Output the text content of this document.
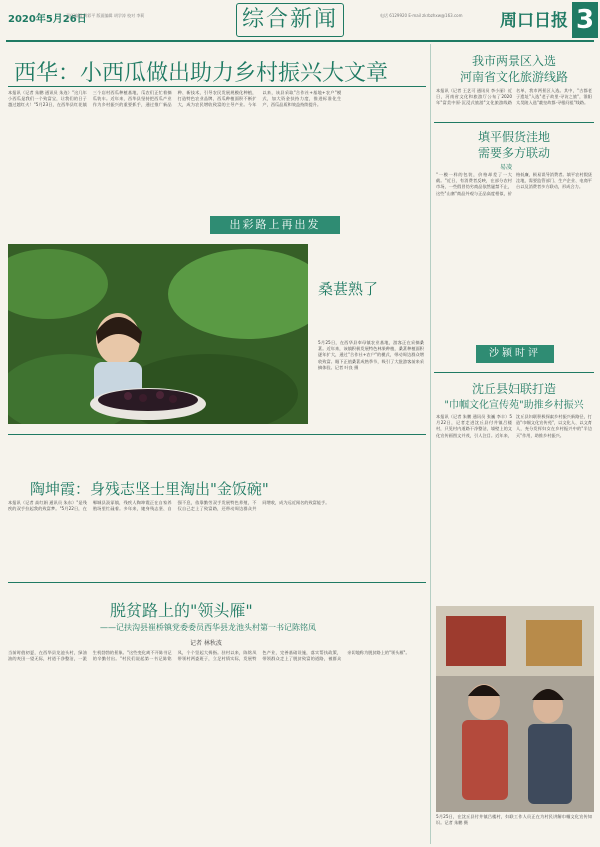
2020年5月26日
责任编辑 周彩平 版面编辑 胡学涛 校对 李莉	综合新闻	电话 6129920 E-mail zkrbzhxw@163.com	周口日报 3
西华：小西瓜做出助力乡村振兴大文章
本报讯（记者 朱鹏 通讯员 朱连）"这几年小西瓜是我们一个致富宝，让我们的日子越过越红火！"5月23日，在西华县红花镇三个店村西瓜种植基地，瓜农们正忙着摘瓜装车。近年来，西华县坚持把西瓜产业作为乡村振兴的重要抓手，通过推广新品种、新技术，引导农民发展规模化种植，打造特色农业品牌，西瓜种植面积不断扩大，成为农民增收致富的主导产业。今年以来，该县采取"合作社+基地+农户"模式，加大资金扶持力度，推进标准化生产，西瓜品质和效益持续提升。
出彩路上再出发
桑葚熟了
5月25日，在西华县奉母镇农业基地，游客正在采摘桑葚。近年来，该镇积极发展特色林果种植，桑葚种植面积逐年扩大，通过"合作社+农户"的模式，带动周边群众增收致富。眼下正值桑葚成熟季节，吸引了大批游客前来采摘体验。记者 叶良 摄
陶坤霞：身残志坚士里淘出"金饭碗"
本报讯（记者 高红娟 通讯员 朱东）"是残疾的双手拉起我的致富梦。"5月22日，在郸城县汲冢镇，残疾人陶坤霞正在自家养殖场里忙碌着。多年来，她身残志坚、自强不息，依靠勤劳双手发展特色养殖，不仅自己走上了致富路，还带动周边群众共同增收，成为远近闻名的致富能手。
脱贫路上的"领头雁"
——记扶沟县崔桥镇党委委员西华县龙池头村第一书记陈铭凤
记者 林秋波
当前时值初夏，在西华县龙池头村，绿油油的麦田一望无际，村道干净整洁，一派生机勃勃的景象。"这些变化离不开陈书记的辛勤付出。"村民们说起第一书记陈铭凤，个个竖起大拇指。驻村以来，陈铭凤带领村两委班子，立足村情实际，发展特色产业，完善基础设施，落实帮扶政策，带领群众走上了脱贫致富的道路，被群众亲切地称为脱贫路上的"领头雁"。
我市两景区入选
河南省文化旅游线路
本报讯（记者 王艺可 通讯员 李小丽）近日，河南省文化和旅游厅公布了2020年"富美中原·沉浸式旅游"文化旅游线路名单，我市两景区入选。其中，"古都老子遗址"入选"老子故里·寻访之旅"，淮阳太昊陵入选"羲皇故都·寻根问祖"线路。
填平假货洼地
需要多方联动
易凌
"一模一样的包装，价格却差了一大截。"近日，有消费者反映，在部分农村市场，一些假冒伪劣商品依然屡禁不止，这些"山寨"商品外观与正品高度相似，价格低廉，极易误导消费者。填平农村假货洼地，需要监管部门、生产企业、电商平台以及消费者多方联动，形成合力。
沙颍时评
沈丘县妇联打造
"巾帼文化宣传苑"助推乡村振兴
本报讯（记者 朱鹏 通讯员 张巍 李丰）5月22日，记者走进沈丘县付井镇吕楼村，只见村内道路干净整洁，墙壁上的文化宣传画图文并茂，引人注目。近年来，沈丘县妇联积极探索乡村振兴新路径，打造"巾帼文化宣传苑"，以文化人、以文育人，充分发挥妇女在乡村振兴中的"半边天"作用，助推乡村振兴。
5月25日，在沈丘县付井镇吕楼村，妇联工作人员正在为村民讲解巾帼文化宣传知识。记者 朱鹏 摄
